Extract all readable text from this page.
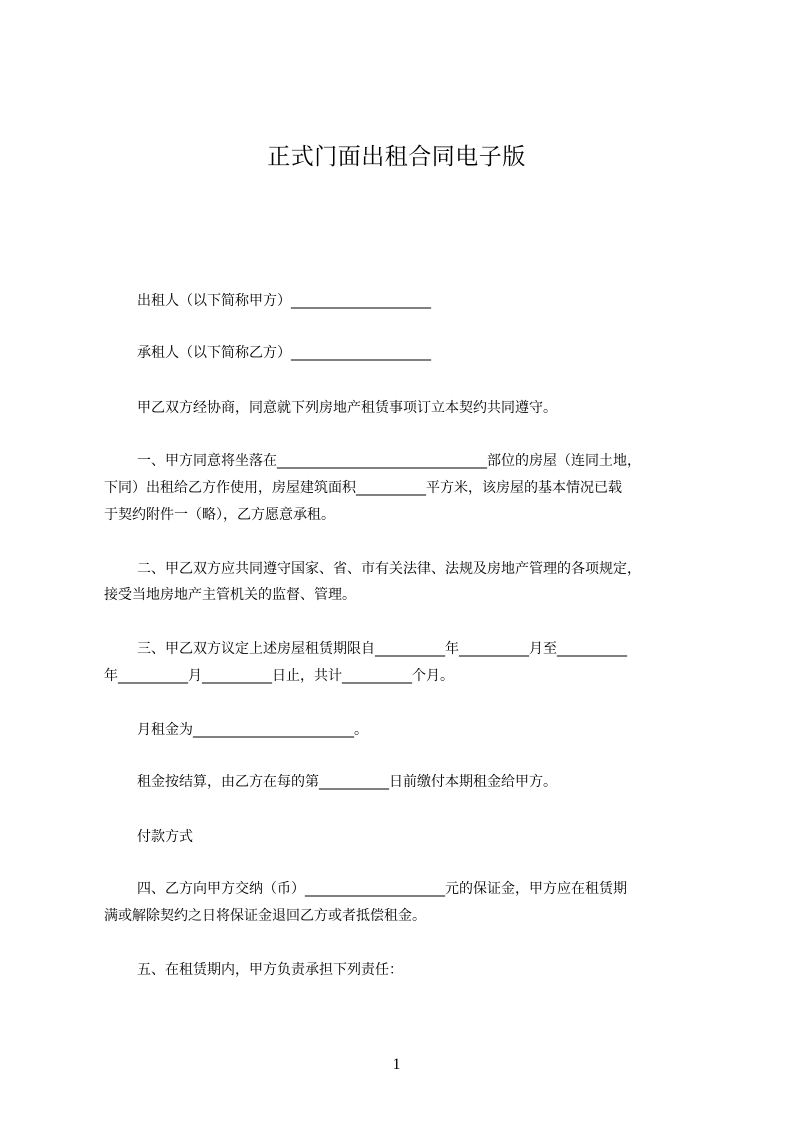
正式门面出租合同电子版
出租人（以下简称甲方）____________________
承租人（以下简称乙方）____________________
甲乙双方经协商，同意就下列房地产租赁事项订立本契约共同遵守。
一、甲方同意将坐落在______________________________部位的房屋（连同土地，
下同）出租给乙方作使用，房屋建筑面积__________平方米，该房屋的基本情况已载
于契约附件一（略），乙方愿意承租。
二、甲乙双方应共同遵守国家、省、市有关法律、法规及房地产管理的各项规定，
接受当地房地产主管机关的监督、管理。
三、甲乙双方议定上述房屋租赁期限自__________年__________月至__________
年__________月__________日止，共计__________个月。
月租金为_______________________。
租金按结算，由乙方在每的第__________日前缴付本期租金给甲方。
付款方式
四、乙方向甲方交纳（币）____________________元的保证金，甲方应在租赁期
满或解除契约之日将保证金退回乙方或者抵偿租金。
五、在租赁期内，甲方负责承担下列责任：
1
